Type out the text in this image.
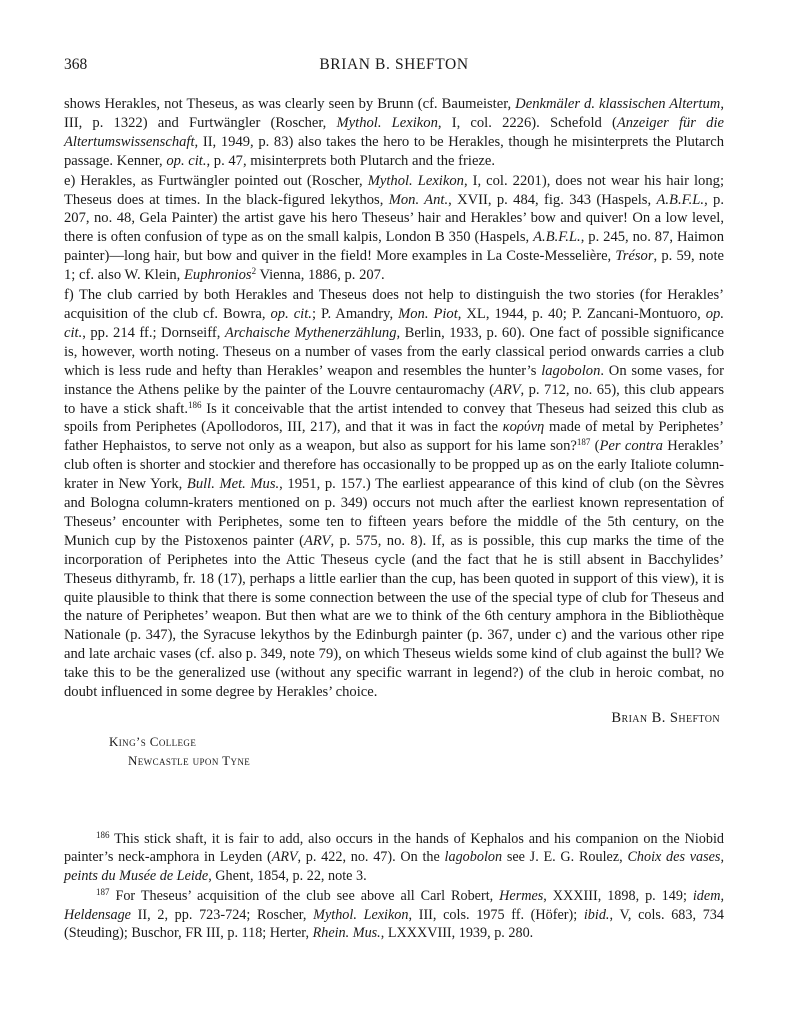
368	BRIAN B. SHEFTON

shows Herakles, not Theseus, as was clearly seen by Brunn (cf. Baumeister, Denkmäler d. klassischen Altertum, III, p. 1322) and Furtwängler (Roscher, Mythol. Lexikon, I, col. 2226). Schefold (Anzeiger für die Altertumswissenschaft, II, 1949, p. 83) also takes the hero to be Herakles, though he misinterprets the Plutarch passage. Kenner, op. cit., p. 47, misinterprets both Plutarch and the frieze.

e) Herakles, as Furtwängler pointed out (Roscher, Mythol. Lexikon, I, col. 2201), does not wear his hair long; Theseus does at times. In the black-figured lekythos, Mon. Ant., XVII, p. 484, fig. 343 (Haspels, A.B.F.L., p. 207, no. 48, Gela Painter) the artist gave his hero Theseus’ hair and Herakles’ bow and quiver! On a low level, there is often confusion of type as on the small kalpis, London B 350 (Haspels, A.B.F.L., p. 245, no. 87, Haimon painter)—long hair, but bow and quiver in the field! More examples in La Coste-Messelière, Trésor, p. 59, note 1; cf. also W. Klein, Euphronios$^2$ Vienna, 1886, p. 207.

f) The club carried by both Herakles and Theseus does not help to distinguish the two stories (for Herakles’ acquisition of the club cf. Bowra, op. cit.; P. Amandry, Mon. Piot, XL, 1944, p. 40; P. Zancani-Montuoro, op. cit., pp. 214 ff.; Dornseiff, Archaische Mythenerzählung, Berlin, 1933, p. 60). One fact of possible significance is, however, worth noting. Theseus on a number of vases from the early classical period onwards carries a club which is less rude and hefty than Herakles’ weapon and resembles the hunter’s lagobolon. On some vases, for instance the Athens pelike by the painter of the Louvre centauromachy (ARV, p. 712, no. 65), this club appears to have a stick shaft.$^{186}$ Is it conceivable that the artist intended to convey that Theseus had seized this club as spoils from Periphetes (Apollodoros, III, 217), and that it was in fact the κορύνη made of metal by Periphetes’ father Hephaistos, to serve not only as a weapon, but also as support for his lame son?$^{187}$ (Per contra Herakles’ club often is shorter and stockier and therefore has occasionally to be propped up as on the early Italiote column-krater in New York, Bull. Met. Mus., 1951, p. 157.) The earliest appearance of this kind of club (on the Sèvres and Bologna column-kraters mentioned on p. 349) occurs not much after the earliest known representation of Theseus’ encounter with Periphetes, some ten to fifteen years before the middle of the 5th century, on the Munich cup by the Pistoxenos painter (ARV, p. 575, no. 8). If, as is possible, this cup marks the time of the incorporation of Periphetes into the Attic Theseus cycle (and the fact that he is still absent in Bacchylides’ Theseus dithyramb, fr. 18 (17), perhaps a little earlier than the cup, has been quoted in support of this view), it is quite plausible to think that there is some connection between the use of the special type of club for Theseus and the nature of Periphetes’ weapon. But then what are we to think of the 6th century amphora in the Bibliothèque Nationale (p. 347), the Syracuse lekythos by the Edinburgh painter (p. 367, under c) and the various other ripe and late archaic vases (cf. also p. 349, note 79), on which Theseus wields some kind of club against the bull? We take this to be the generalized use (without any specific warrant in legend?) of the club in heroic combat, no doubt influenced in some degree by Herakles’ choice.

Brian B. Shefton
King’s College
Newcastle upon Tyne

$^{186}$ This stick shaft, it is fair to add, also occurs in the hands of Kephalos and his companion on the Niobid painter’s neck-amphora in Leyden (ARV, p. 422, no. 47). On the lagobolon see J. E. G. Roulez, Choix des vases, peints du Musée de Leide, Ghent, 1854, p. 22, note 3.

$^{187}$ For Theseus’ acquisition of the club see above all Carl Robert, Hermes, XXXIII, 1898, p. 149; idem, Heldensage II, 2, pp. 723-724; Roscher, Mythol. Lexikon, III, cols. 1975 ff. (Höfer); ibid., V, cols. 683, 734 (Steuding); Buschor, FR III, p. 118; Herter, Rhein. Mus., LXXXVIII, 1939, p. 280.
